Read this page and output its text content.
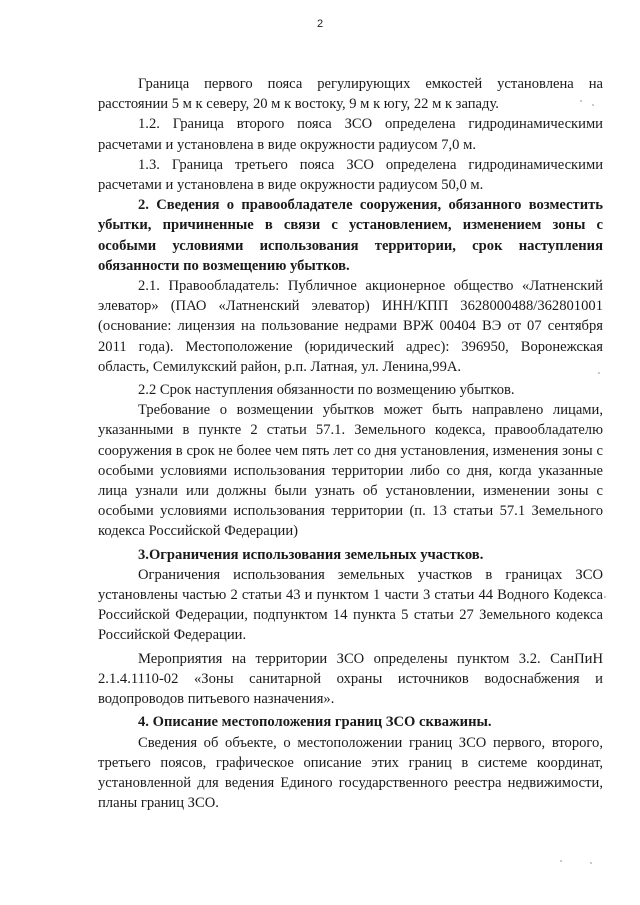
2

Граница первого пояса регулирующих емкостей установлена на расстоянии 5 м к северу, 20 м к востоку, 9 м к югу, 22 м к западу.

1.2. Граница второго пояса ЗСО определена гидродинамическими расчетами и установлена в виде окружности радиусом 7,0 м.

1.3. Граница третьего пояса ЗСО определена гидродинамическими расчетами и установлена в виде окружности радиусом 50,0 м.

2. Сведения о правообладателе сооружения, обязанного возместить убытки, причиненные в связи с установлением, изменением зоны с особыми условиями использования территории, срок наступления обязанности по возмещению убытков.

2.1. Правообладатель: Публичное акционерное общество «Латненский элеватор» (ПАО «Латненский элеватор) ИНН/КПП 3628000488/362801001 (основание: лицензия на пользование недрами ВРЖ 00404 ВЭ от 07 сентября 2011 года). Местоположение (юридический адрес): 396950, Воронежская область, Семилукский район, р.п. Латная, ул. Ленина,99А.

2.2 Срок наступления обязанности по возмещению убытков.

Требование о возмещении убытков может быть направлено лицами, указанными в пункте 2 статьи 57.1. Земельного кодекса, правообладателю сооружения в срок не более чем пять лет со дня установления, изменения зоны с особыми условиями использования территории либо со дня, когда указанные лица узнали или должны были узнать об установлении, изменении зоны с особыми условиями использования территории (п. 13 статьи 57.1 Земельного кодекса Российской Федерации)

3.Ограничения использования земельных участков.

Ограничения использования земельных участков в границах ЗСО установлены частью 2 статьи 43 и пунктом 1 части 3 статьи 44 Водного Кодекса Российской Федерации, подпунктом 14 пункта 5 статьи 27 Земельного кодекса Российской Федерации.

Мероприятия на территории ЗСО определены пунктом 3.2. СанПиН 2.1.4.1110-02 «Зоны санитарной охраны источников водоснабжения и водопроводов питьевого назначения».

4. Описание местоположения границ ЗСО скважины.

Сведения об объекте, о местоположении границ ЗСО первого, второго, третьего поясов, графическое описание этих границ в системе координат, установленной для ведения Единого государственного реестра недвижимости, планы границ ЗСО.
